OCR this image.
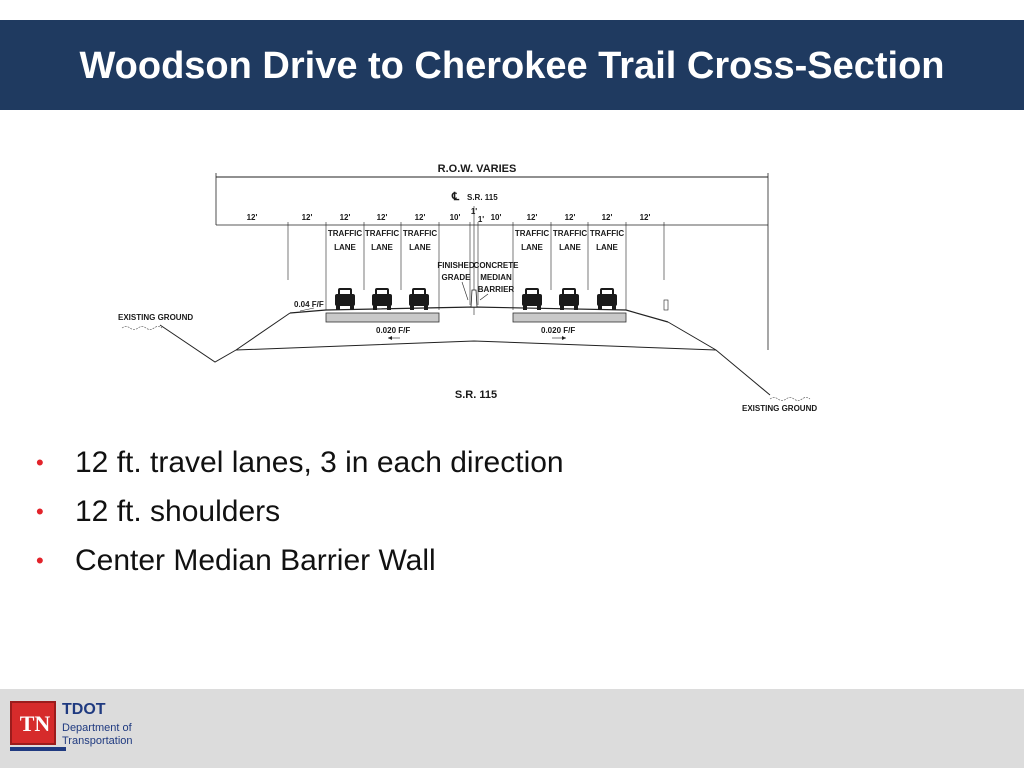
Woodson Drive to Cherokee Trail Cross-Section
R.O.W. VARIES
℄ S.R. 115
12'	12'	12'	12'	12'	10'
1'
1' 10'	12'	12'	12'	12'
TRAFFIC
LANE
TRAFFIC
LANE
TRAFFIC
LANE
TRAFFIC
LANE
TRAFFIC
LANE
TRAFFIC
LANE
FINISHED
GRADE
CONCRETE
MEDIAN
BARRIER
0.04 F/F
0.020 F/F	0.020 F/F
EXISTING GROUND
EXISTING GROUND
S.R. 115
• 12 ft. travel lanes, 3 in each direction
• 12 ft. shoulders
• Center Median Barrier Wall
TN
TDOT
Department of
Transportation
